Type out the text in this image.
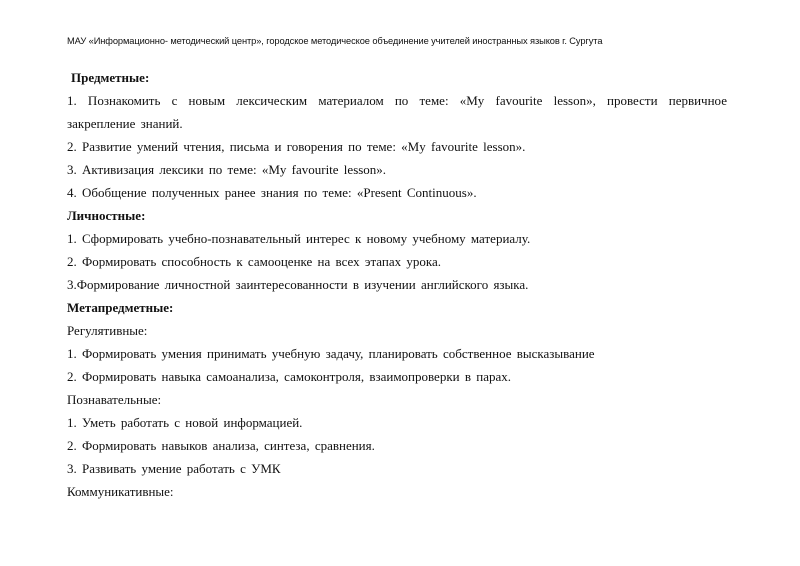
МАУ «Информационно- методический центр», городское методическое объединение учителей иностранных языков г. Сургута
Предметные:
1. Познакомить с новым лексическим материалом по теме: «My favourite lesson», провести первичное
закрепление знаний.
2. Развитие умений чтения, письма и говорения по теме: «My favourite lesson».
3. Активизация лексики по теме: «My favourite lesson».
4. Обобщение полученных ранее знания по теме: «Present Continuous».
Личностные:
1. Сформировать учебно-познавательный интерес к новому учебному материалу.
2. Формировать способность к самооценке на всех этапах урока.
3.Формирование личностной заинтересованности в изучении английского языка.
Метапредметные:
Регулятивные:
1. Формировать умения принимать учебную задачу, планировать собственное высказывание
2. Формировать навыка самоанализа, самоконтроля, взаимопроверки в парах.
Познавательные:
1. Уметь работать с новой информацией.
2. Формировать навыков анализа, синтеза, сравнения.
3. Развивать умение работать с УМК
Коммуникативные:
